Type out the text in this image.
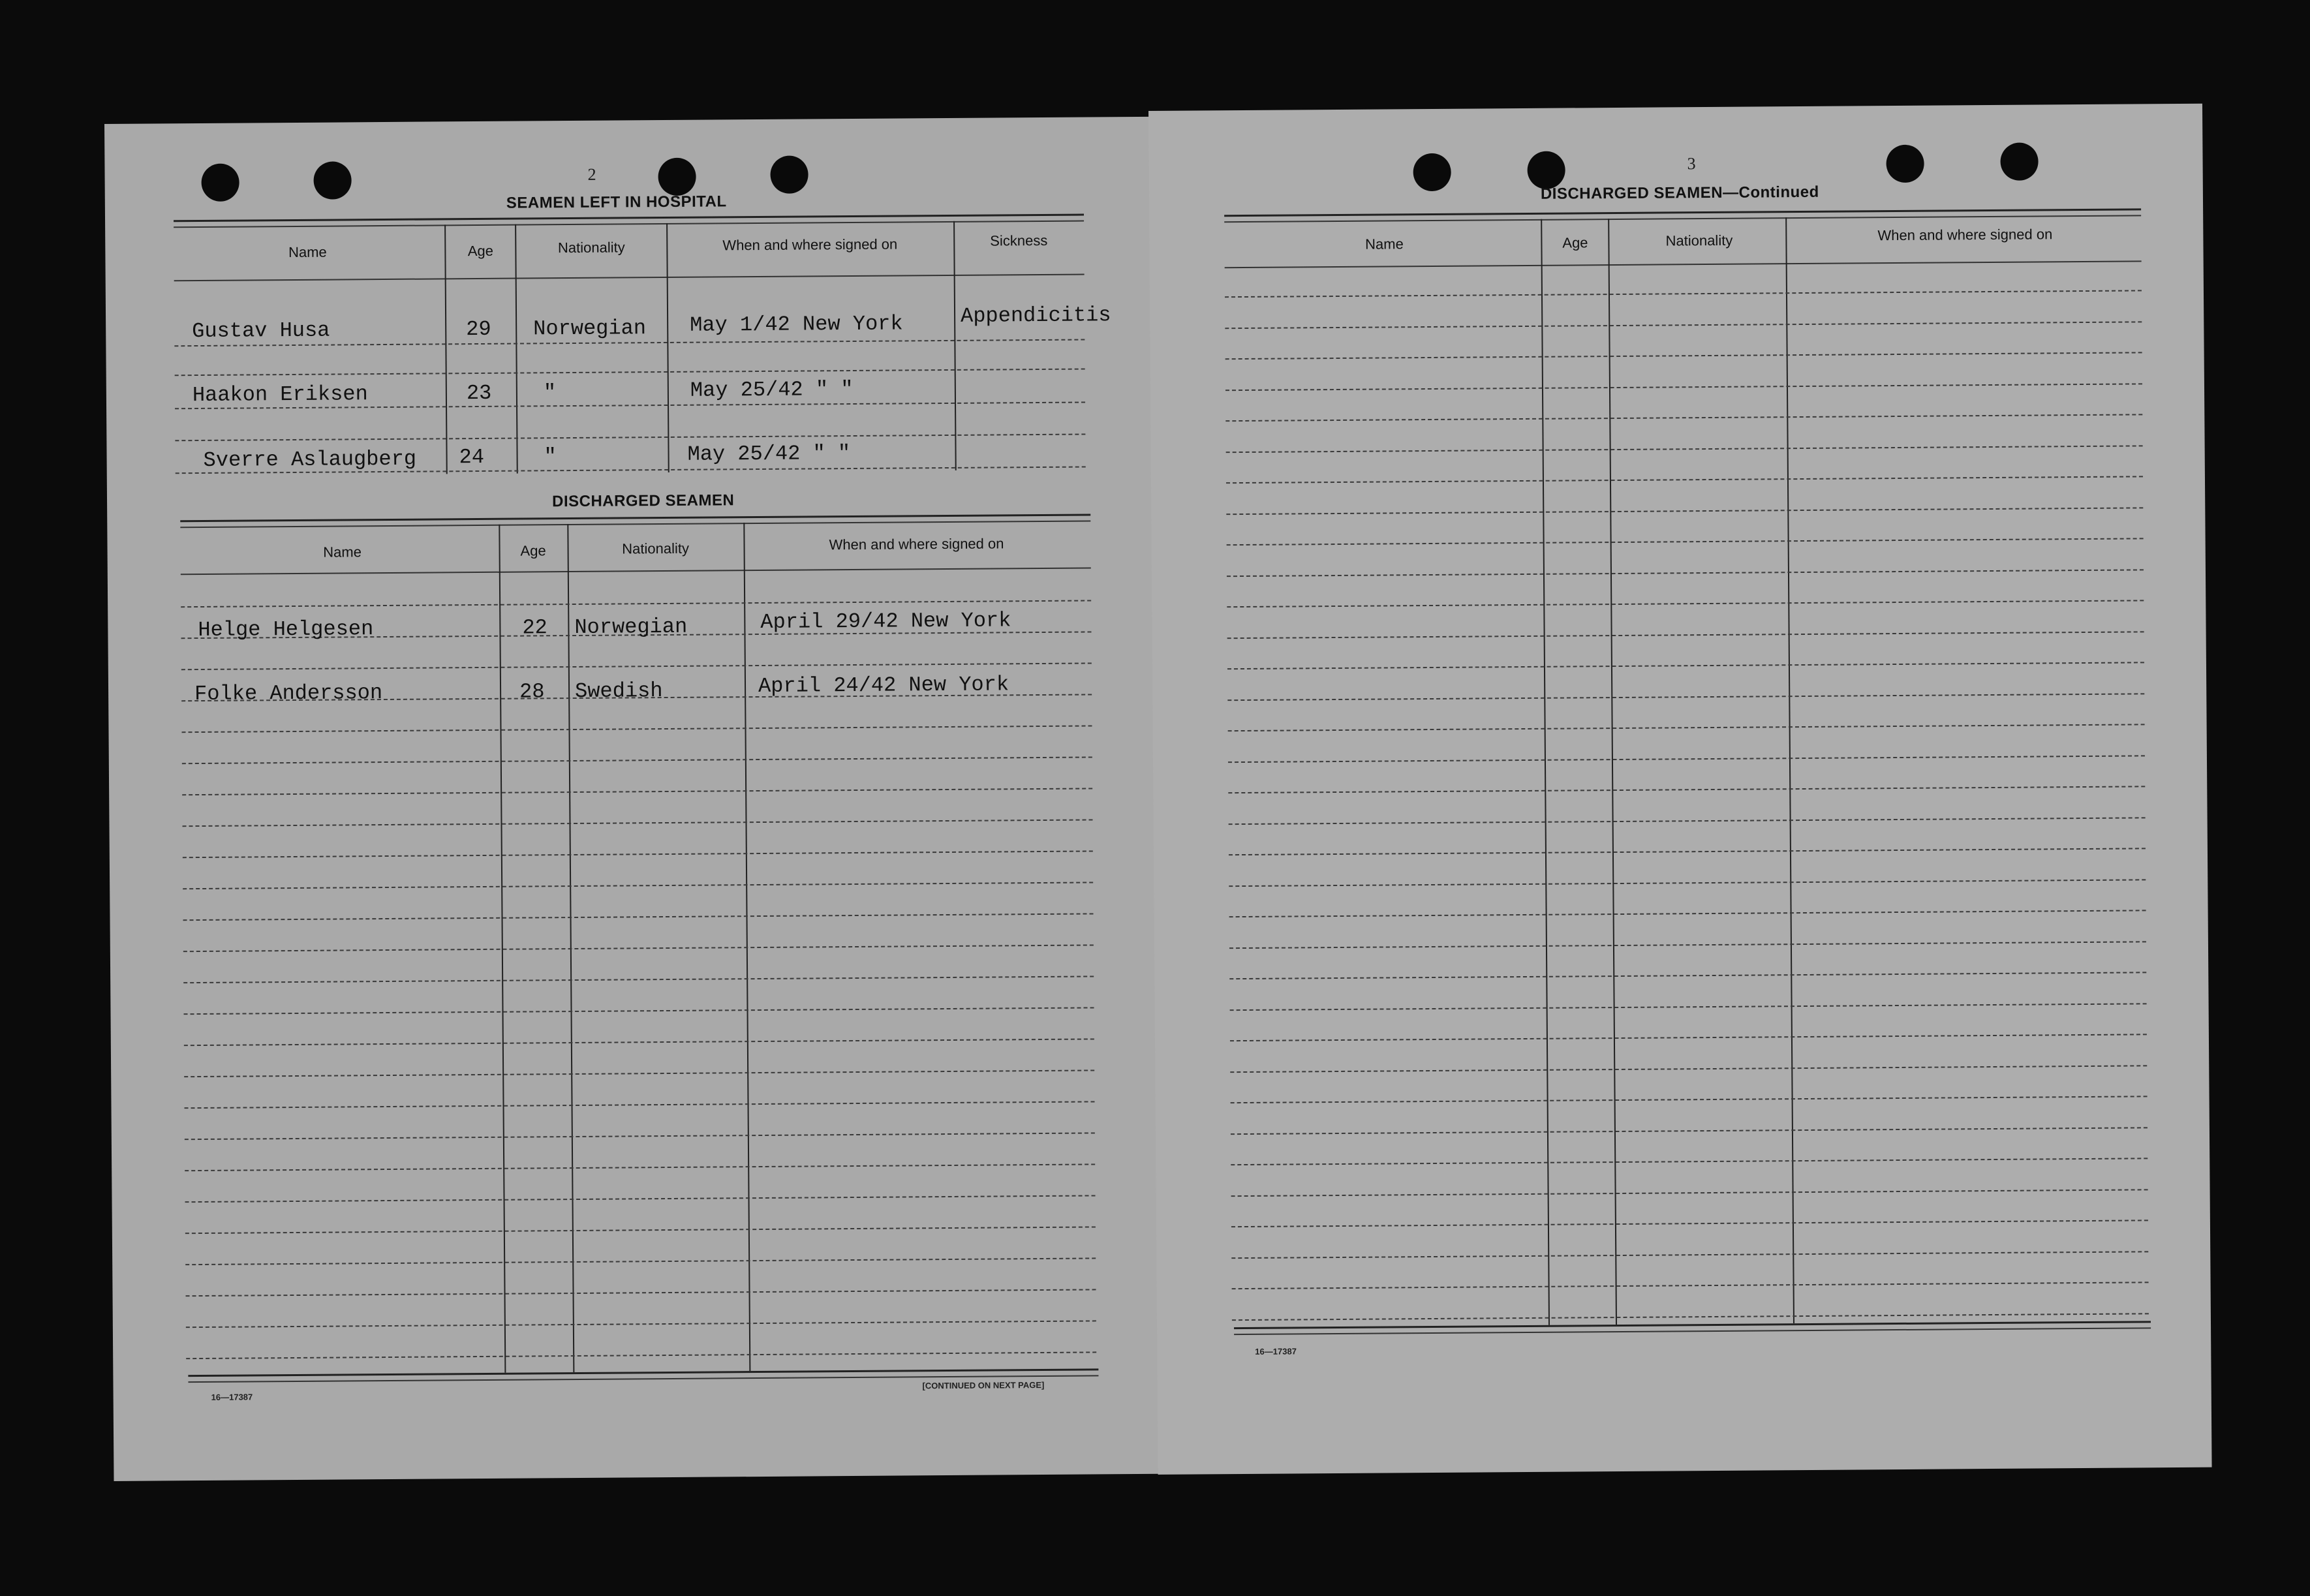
2
SEAMEN LEFT IN HOSPITAL
Name	Age	Nationality	When and where signed on	Sickness
Gustav Husa	29 Norwegian May 1/42 New York	Appendicitis
Haakon Eriksen	23 "	May 25/42 " "
Sverre Aslaugberg 24	"	May 25/42 " "
DISCHARGED SEAMEN
Name	Age	Nationality	When and where signed on
Helge Helgesen	22 Norwegian	April 29/42 New York
Folke Andersson	28 Swedish	April 24/42 New York
16—17387
[CONTINUED ON NEXT PAGE]
3
DISCHARGED SEAMEN—Continued
Name	Age	Nationality	When and where signed on
16—17387
